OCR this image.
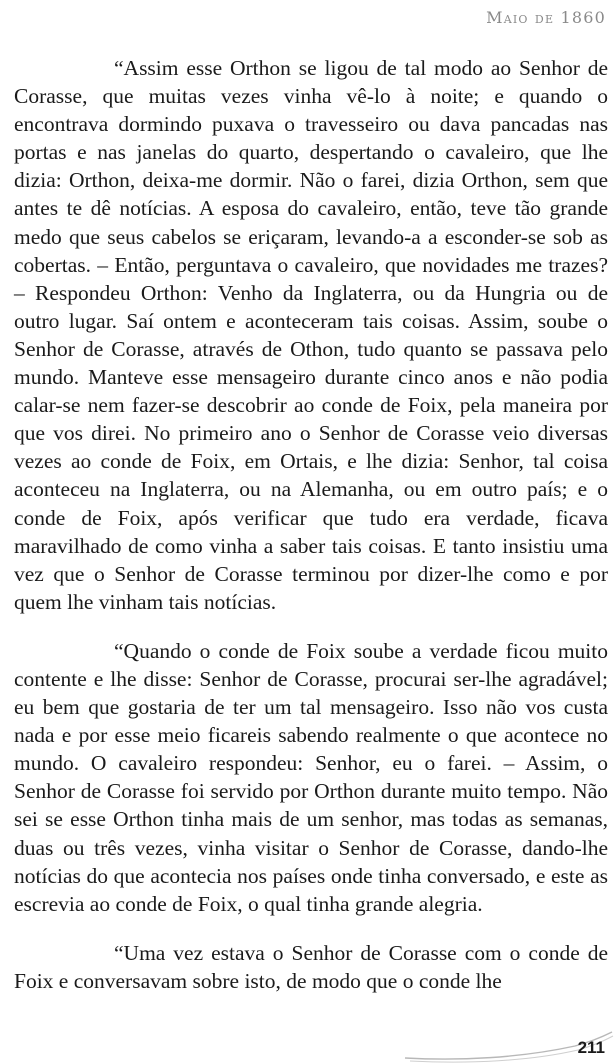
Maio de 1860

“Assim esse Orthon se ligou de tal modo ao Senhor de Corasse, que muitas vezes vinha vê-lo à noite; e quando o encontrava dormindo puxava o travesseiro ou dava pancadas nas portas e nas janelas do quarto, despertando o cavaleiro, que lhe dizia: Orthon, deixa-me dormir. Não o farei, dizia Orthon, sem que antes te dê notícias. A esposa do cavaleiro, então, teve tão grande medo que seus cabelos se eriçaram, levando-a a esconder-se sob as cobertas. – Então, perguntava o cavaleiro, que novidades me trazes? – Respondeu Orthon: Venho da Inglaterra, ou da Hungria ou de outro lugar. Saí ontem e aconteceram tais coisas. Assim, soube o Senhor de Corasse, através de Othon, tudo quanto se passava pelo mundo. Manteve esse mensageiro durante cinco anos e não podia calar-se nem fazer-se descobrir ao conde de Foix, pela maneira por que vos direi. No primeiro ano o Senhor de Corasse veio diversas vezes ao conde de Foix, em Ortais, e lhe dizia: Senhor, tal coisa aconteceu na Inglaterra, ou na Alemanha, ou em outro país; e o conde de Foix, após verificar que tudo era verdade, ficava maravilhado de como vinha a saber tais coisas. E tanto insistiu uma vez que o Senhor de Corasse terminou por dizer-lhe como e por quem lhe vinham tais notícias.

“Quando o conde de Foix soube a verdade ficou muito contente e lhe disse: Senhor de Corasse, procurai ser-lhe agradável; eu bem que gostaria de ter um tal mensageiro. Isso não vos custa nada e por esse meio ficareis sabendo realmente o que acontece no mundo. O cavaleiro respondeu: Senhor, eu o farei. – Assim, o Senhor de Corasse foi servido por Orthon durante muito tempo. Não sei se esse Orthon tinha mais de um senhor, mas todas as semanas, duas ou três vezes, vinha visitar o Senhor de Corasse, dando-lhe notícias do que acontecia nos países onde tinha conversado, e este as escrevia ao conde de Foix, o qual tinha grande alegria.

“Uma vez estava o Senhor de Corasse com o conde de Foix e conversavam sobre isto, de modo que o conde lhe

211
